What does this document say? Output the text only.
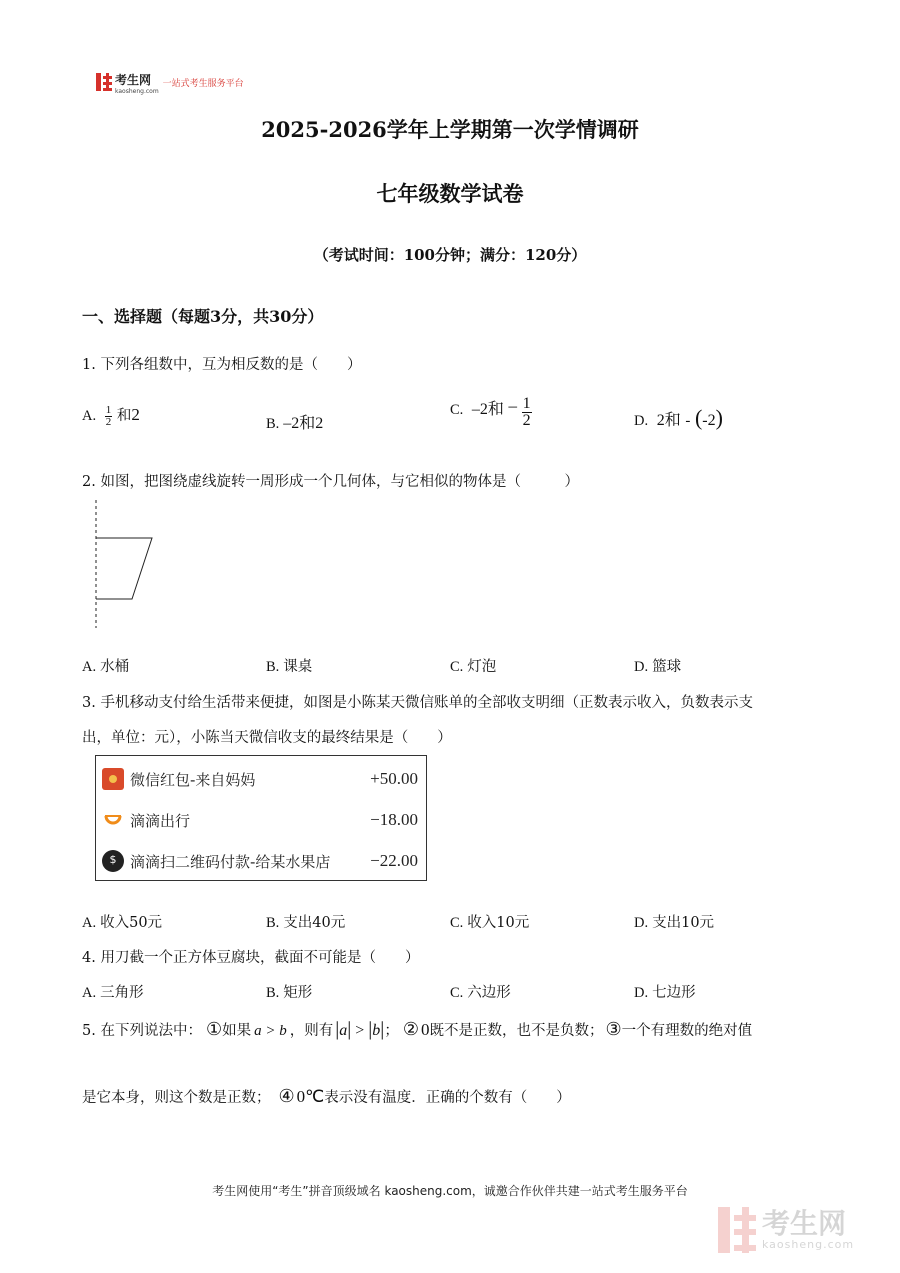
考生网
kaosheng.com
一站式考生服务平台
2025-2026学年上学期第一次学情调研
七年级数学试卷
（考试时间：100分钟；满分：120分）
一、选择题（每题3分，共30分）
1. 下列各组数中，互为相反数的是（　　）
A. $\frac{1}{2}$ 和2	B. –2和2
C. –2和 – $\frac{1}{2}$	D. 2和 - (-2)
2. 如图，把图绕虚线旋转一周形成一个几何体，与它相似的物体是（　　　）
A. 水桶	B. 课桌	C. 灯泡	D. 篮球
3. 手机移动支付给生活带来便捷，如图是小陈某天微信账单的全部收支明细（正数表示收入，负数表示支
出，单位：元），小陈当天微信收支的最终结果是（　　）
微信红包-来自妈妈	+50.00
滴滴出行	−18.00
$ 滴滴扫二维码付款-给某水果店 −22.00
A. 收入50元	B. 支出40元	C. 收入10元	D. 支出10元
4. 用刀截一个正方体豆腐块，截面不可能是（　　）
A. 三角形	B. 矩形	C. 六边形	D. 七边形
5. 在下列说法中： ① 如果 a > b ，则有 |a| > |b| ； ② 0 既不是正数，也不是负数； ③ 一个有理数的绝对值
是它本身，则这个数是正数； ④ 0℃ 表示没有温度．正确的个数有（　　）
考生网使用“考生”拼音顶级域名 kaosheng.com，诚邀合作伙伴共建一站式考生服务平台
考生网
kaosheng.com
